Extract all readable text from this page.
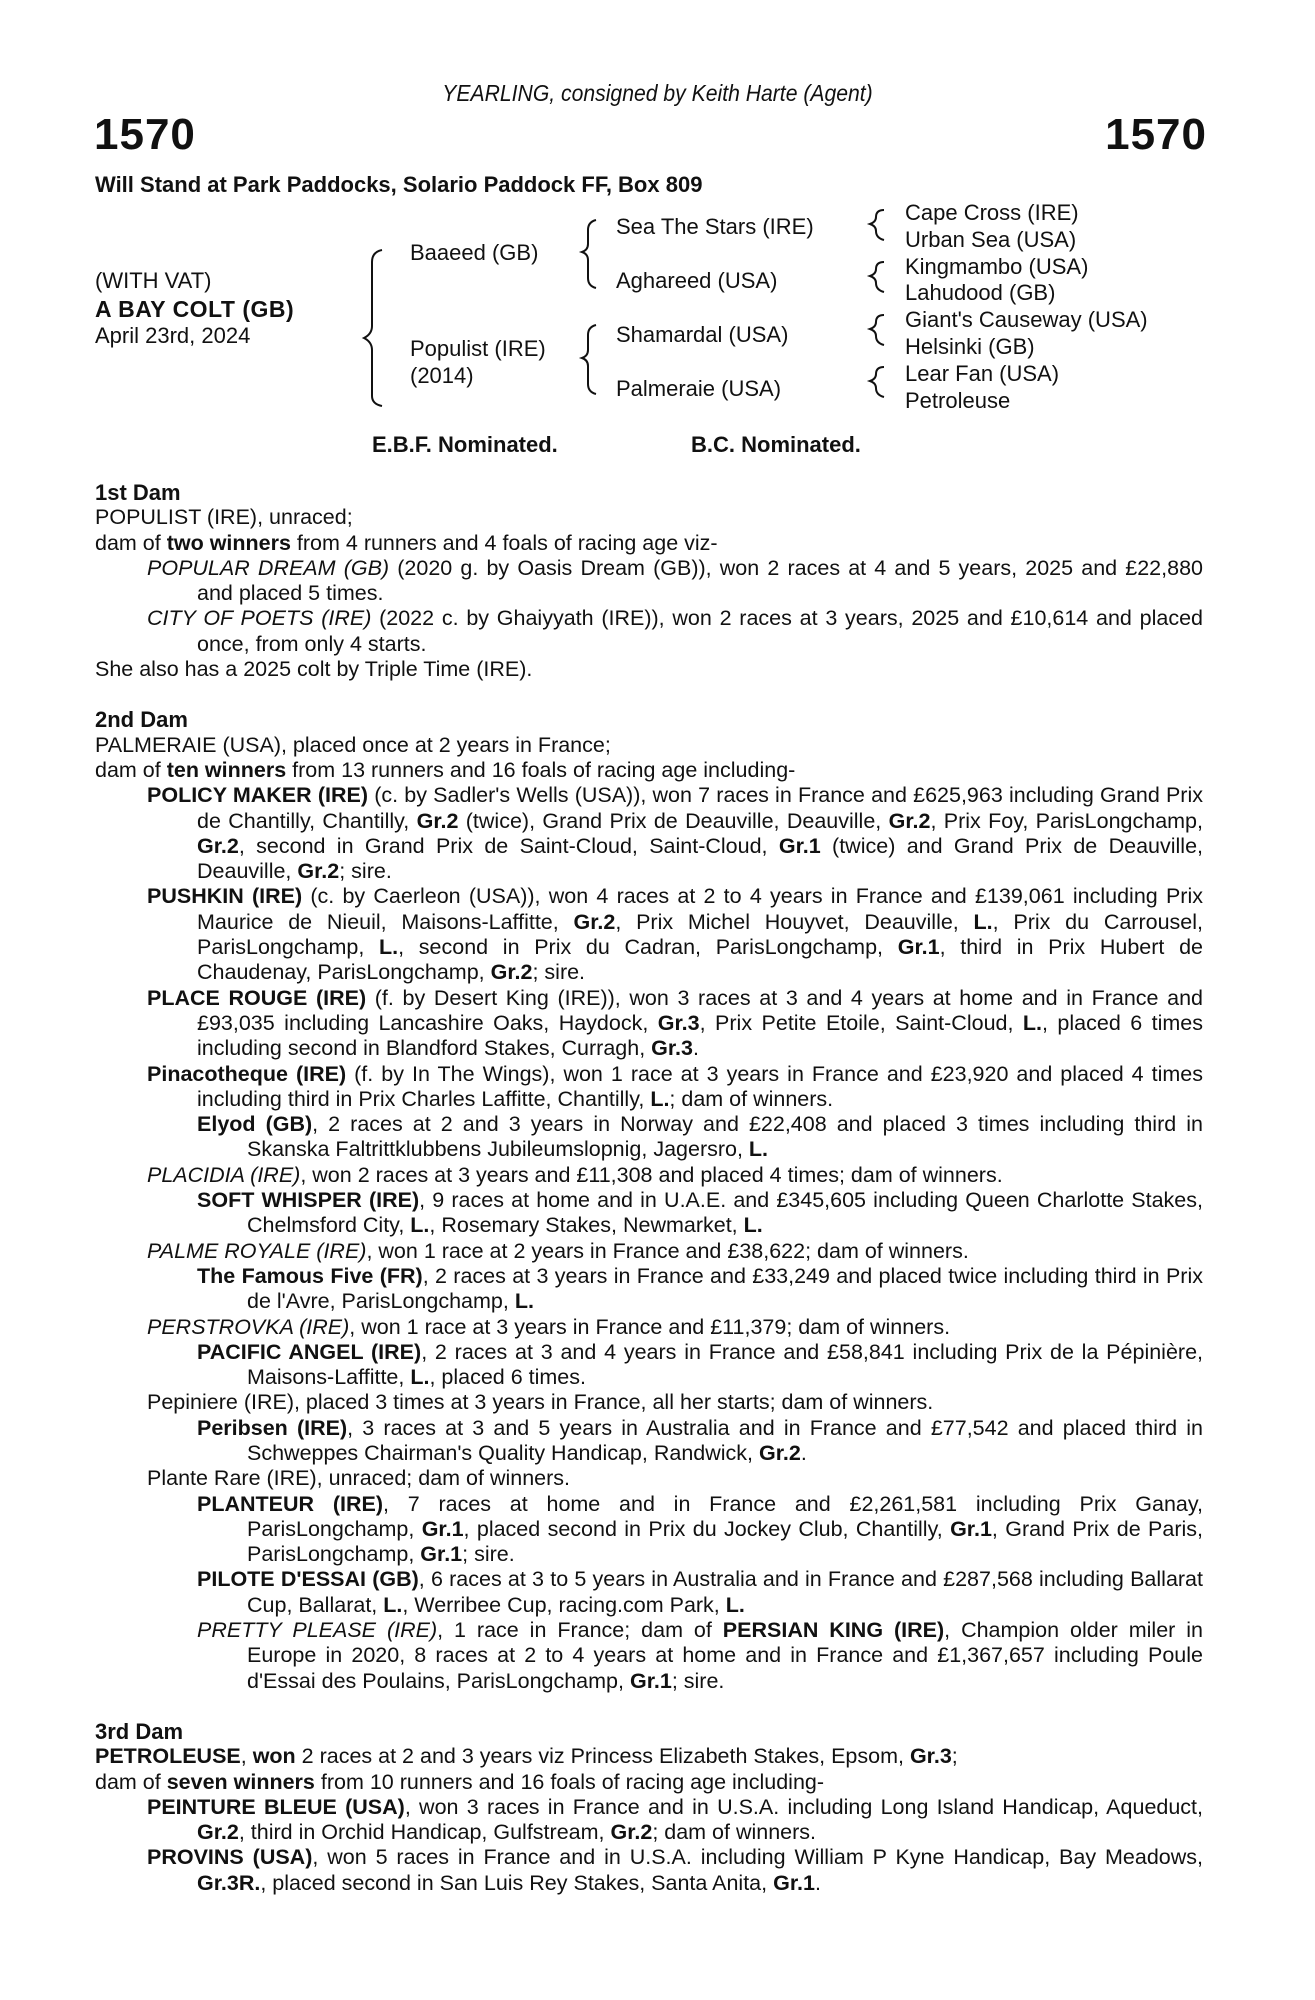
YEARLING, consigned by Keith Harte (Agent)
1570	1570
Will Stand at Park Paddocks, Solario Paddock FF, Box 809
(WITH VAT)
A BAY COLT (GB)
April 23rd, 2024
Baaeed (GB)
Populist (IRE)
(2014)
Sea The Stars (IRE)
Aghareed (USA)
Shamardal (USA)
Palmeraie (USA)
Cape Cross (IRE)
Urban Sea (USA)
Kingmambo (USA)
Lahudood (GB)
Giant's Causeway (USA)
Helsinki (GB)
Lear Fan (USA)
Petroleuse
E.B.F. Nominated.	B.C. Nominated.

1st Dam

POPULIST (IRE), unraced;

dam of two winners from 4 runners and 4 foals of racing age viz-

POPULAR DREAM (GB) (2020 g. by Oasis Dream (GB)), won 2 races at 4 and 5 years, 2025 and £22,880 and placed 5 times.

CITY OF POETS (IRE) (2022 c. by Ghaiyyath (IRE)), won 2 races at 3 years, 2025 and £10,614 and placed once, from only 4 starts.

She also has a 2025 colt by Triple Time (IRE).

2nd Dam

PALMERAIE (USA), placed once at 2 years in France;

dam of ten winners from 13 runners and 16 foals of racing age including-

POLICY MAKER (IRE) (c. by Sadler's Wells (USA)), won 7 races in France and £625,963 including Grand Prix de Chantilly, Chantilly, Gr.2 (twice), Grand Prix de Deauville, Deauville, Gr.2, Prix Foy, ParisLongchamp, Gr.2, second in Grand Prix de Saint-Cloud, Saint-Cloud, Gr.1 (twice) and Grand Prix de Deauville, Deauville, Gr.2; sire.

PUSHKIN (IRE) (c. by Caerleon (USA)), won 4 races at 2 to 4 years in France and £139,061 including Prix Maurice de Nieuil, Maisons-Laffitte, Gr.2, Prix Michel Houyvet, Deauville, L., Prix du Carrousel, ParisLongchamp, L., second in Prix du Cadran, ParisLongchamp, Gr.1, third in Prix Hubert de Chaudenay, ParisLongchamp, Gr.2; sire.

PLACE ROUGE (IRE) (f. by Desert King (IRE)), won 3 races at 3 and 4 years at home and in France and £93,035 including Lancashire Oaks, Haydock, Gr.3, Prix Petite Etoile, Saint-Cloud, L., placed 6 times including second in Blandford Stakes, Curragh, Gr.3.

Pinacotheque (IRE) (f. by In The Wings), won 1 race at 3 years in France and £23,920 and placed 4 times including third in Prix Charles Laffitte, Chantilly, L.; dam of winners.

Elyod (GB), 2 races at 2 and 3 years in Norway and £22,408 and placed 3 times including third in Skanska Faltrittklubbens Jubileumslopnig, Jagersro, L.

PLACIDIA (IRE), won 2 races at 3 years and £11,308 and placed 4 times; dam of winners.

SOFT WHISPER (IRE), 9 races at home and in U.A.E. and £345,605 including Queen Charlotte Stakes, Chelmsford City, L., Rosemary Stakes, Newmarket, L.

PALME ROYALE (IRE), won 1 race at 2 years in France and £38,622; dam of winners.

The Famous Five (FR), 2 races at 3 years in France and £33,249 and placed twice including third in Prix de l'Avre, ParisLongchamp, L.

PERSTROVKA (IRE), won 1 race at 3 years in France and £11,379; dam of winners.

PACIFIC ANGEL (IRE), 2 races at 3 and 4 years in France and £58,841 including Prix de la Pépinière, Maisons-Laffitte, L., placed 6 times.

Pepiniere (IRE), placed 3 times at 3 years in France, all her starts; dam of winners.

Peribsen (IRE), 3 races at 3 and 5 years in Australia and in France and £77,542 and placed third in Schweppes Chairman's Quality Handicap, Randwick, Gr.2.

Plante Rare (IRE), unraced; dam of winners.

PLANTEUR (IRE), 7 races at home and in France and £2,261,581 including Prix Ganay, ParisLongchamp, Gr.1, placed second in Prix du Jockey Club, Chantilly, Gr.1, Grand Prix de Paris, ParisLongchamp, Gr.1; sire.

PILOTE D'ESSAI (GB), 6 races at 3 to 5 years in Australia and in France and £287,568 including Ballarat Cup, Ballarat, L., Werribee Cup, racing.com Park, L.

PRETTY PLEASE (IRE), 1 race in France; dam of PERSIAN KING (IRE), Champion older miler in Europe in 2020, 8 races at 2 to 4 years at home and in France and £1,367,657 including Poule d'Essai des Poulains, ParisLongchamp, Gr.1; sire.

3rd Dam

PETROLEUSE, won 2 races at 2 and 3 years viz Princess Elizabeth Stakes, Epsom, Gr.3;

dam of seven winners from 10 runners and 16 foals of racing age including-

PEINTURE BLEUE (USA), won 3 races in France and in U.S.A. including Long Island Handicap, Aqueduct, Gr.2, third in Orchid Handicap, Gulfstream, Gr.2; dam of winners.

PROVINS (USA), won 5 races in France and in U.S.A. including William P Kyne Handicap, Bay Meadows, Gr.3R., placed second in San Luis Rey Stakes, Santa Anita, Gr.1.
